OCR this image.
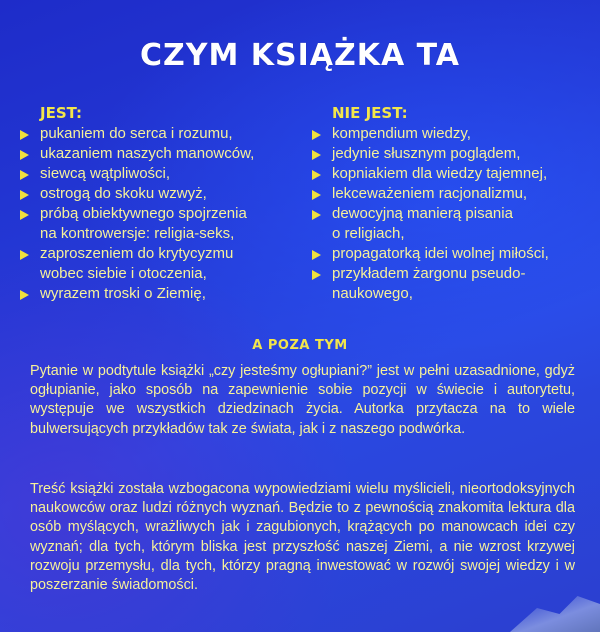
CZYM KSIĄŻKA TA
JEST:
pukaniem do serca i rozumu,
ukazaniem naszych manowców,
siewcą wątpliwości,
ostrogą do skoku wzwyż,
próbą obiektywnego spojrzenia
na kontrowersje: religia-seks,
zaproszeniem do krytycyzmu
wobec siebie i otoczenia,
wyrazem troski o Ziemię,
NIE JEST:
kompendium wiedzy,
jedynie słusznym poglądem,
kopniakiem dla wiedzy tajemnej,
lekceważeniem racjonalizmu,
dewocyjną manierą pisania
o religiach,
propagatorką idei wolnej miłości,
przykładem żargonu pseudo-
naukowego,
A POZA TYM

Pytanie w podtytule książki „czy jesteśmy ogłupiani?” jest w pełni uzasadnione, gdyż ogłupianie, jako sposób na zapewnienie sobie pozycji w świecie i autorytetu, występuje we wszystkich dziedzinach życia. Autorka przytacza na to wiele bulwersujących przykładów tak ze świata, jak i z naszego podwórka.

Treść książki została wzbogacona wypowiedziami wielu myślicieli, nieortodoksyjnych naukowców oraz ludzi różnych wyznań. Będzie to z pewnością znakomita lektura dla osób myślących, wrażliwych jak i zagubionych, krążących po manowcach idei czy wyznań; dla tych, którym bliska jest przyszłość naszej Ziemi, a nie wzrost krzywej rozwoju przemysłu, dla tych, którzy pragną inwestować w rozwój swojej wiedzy i w poszerzanie świadomości.
